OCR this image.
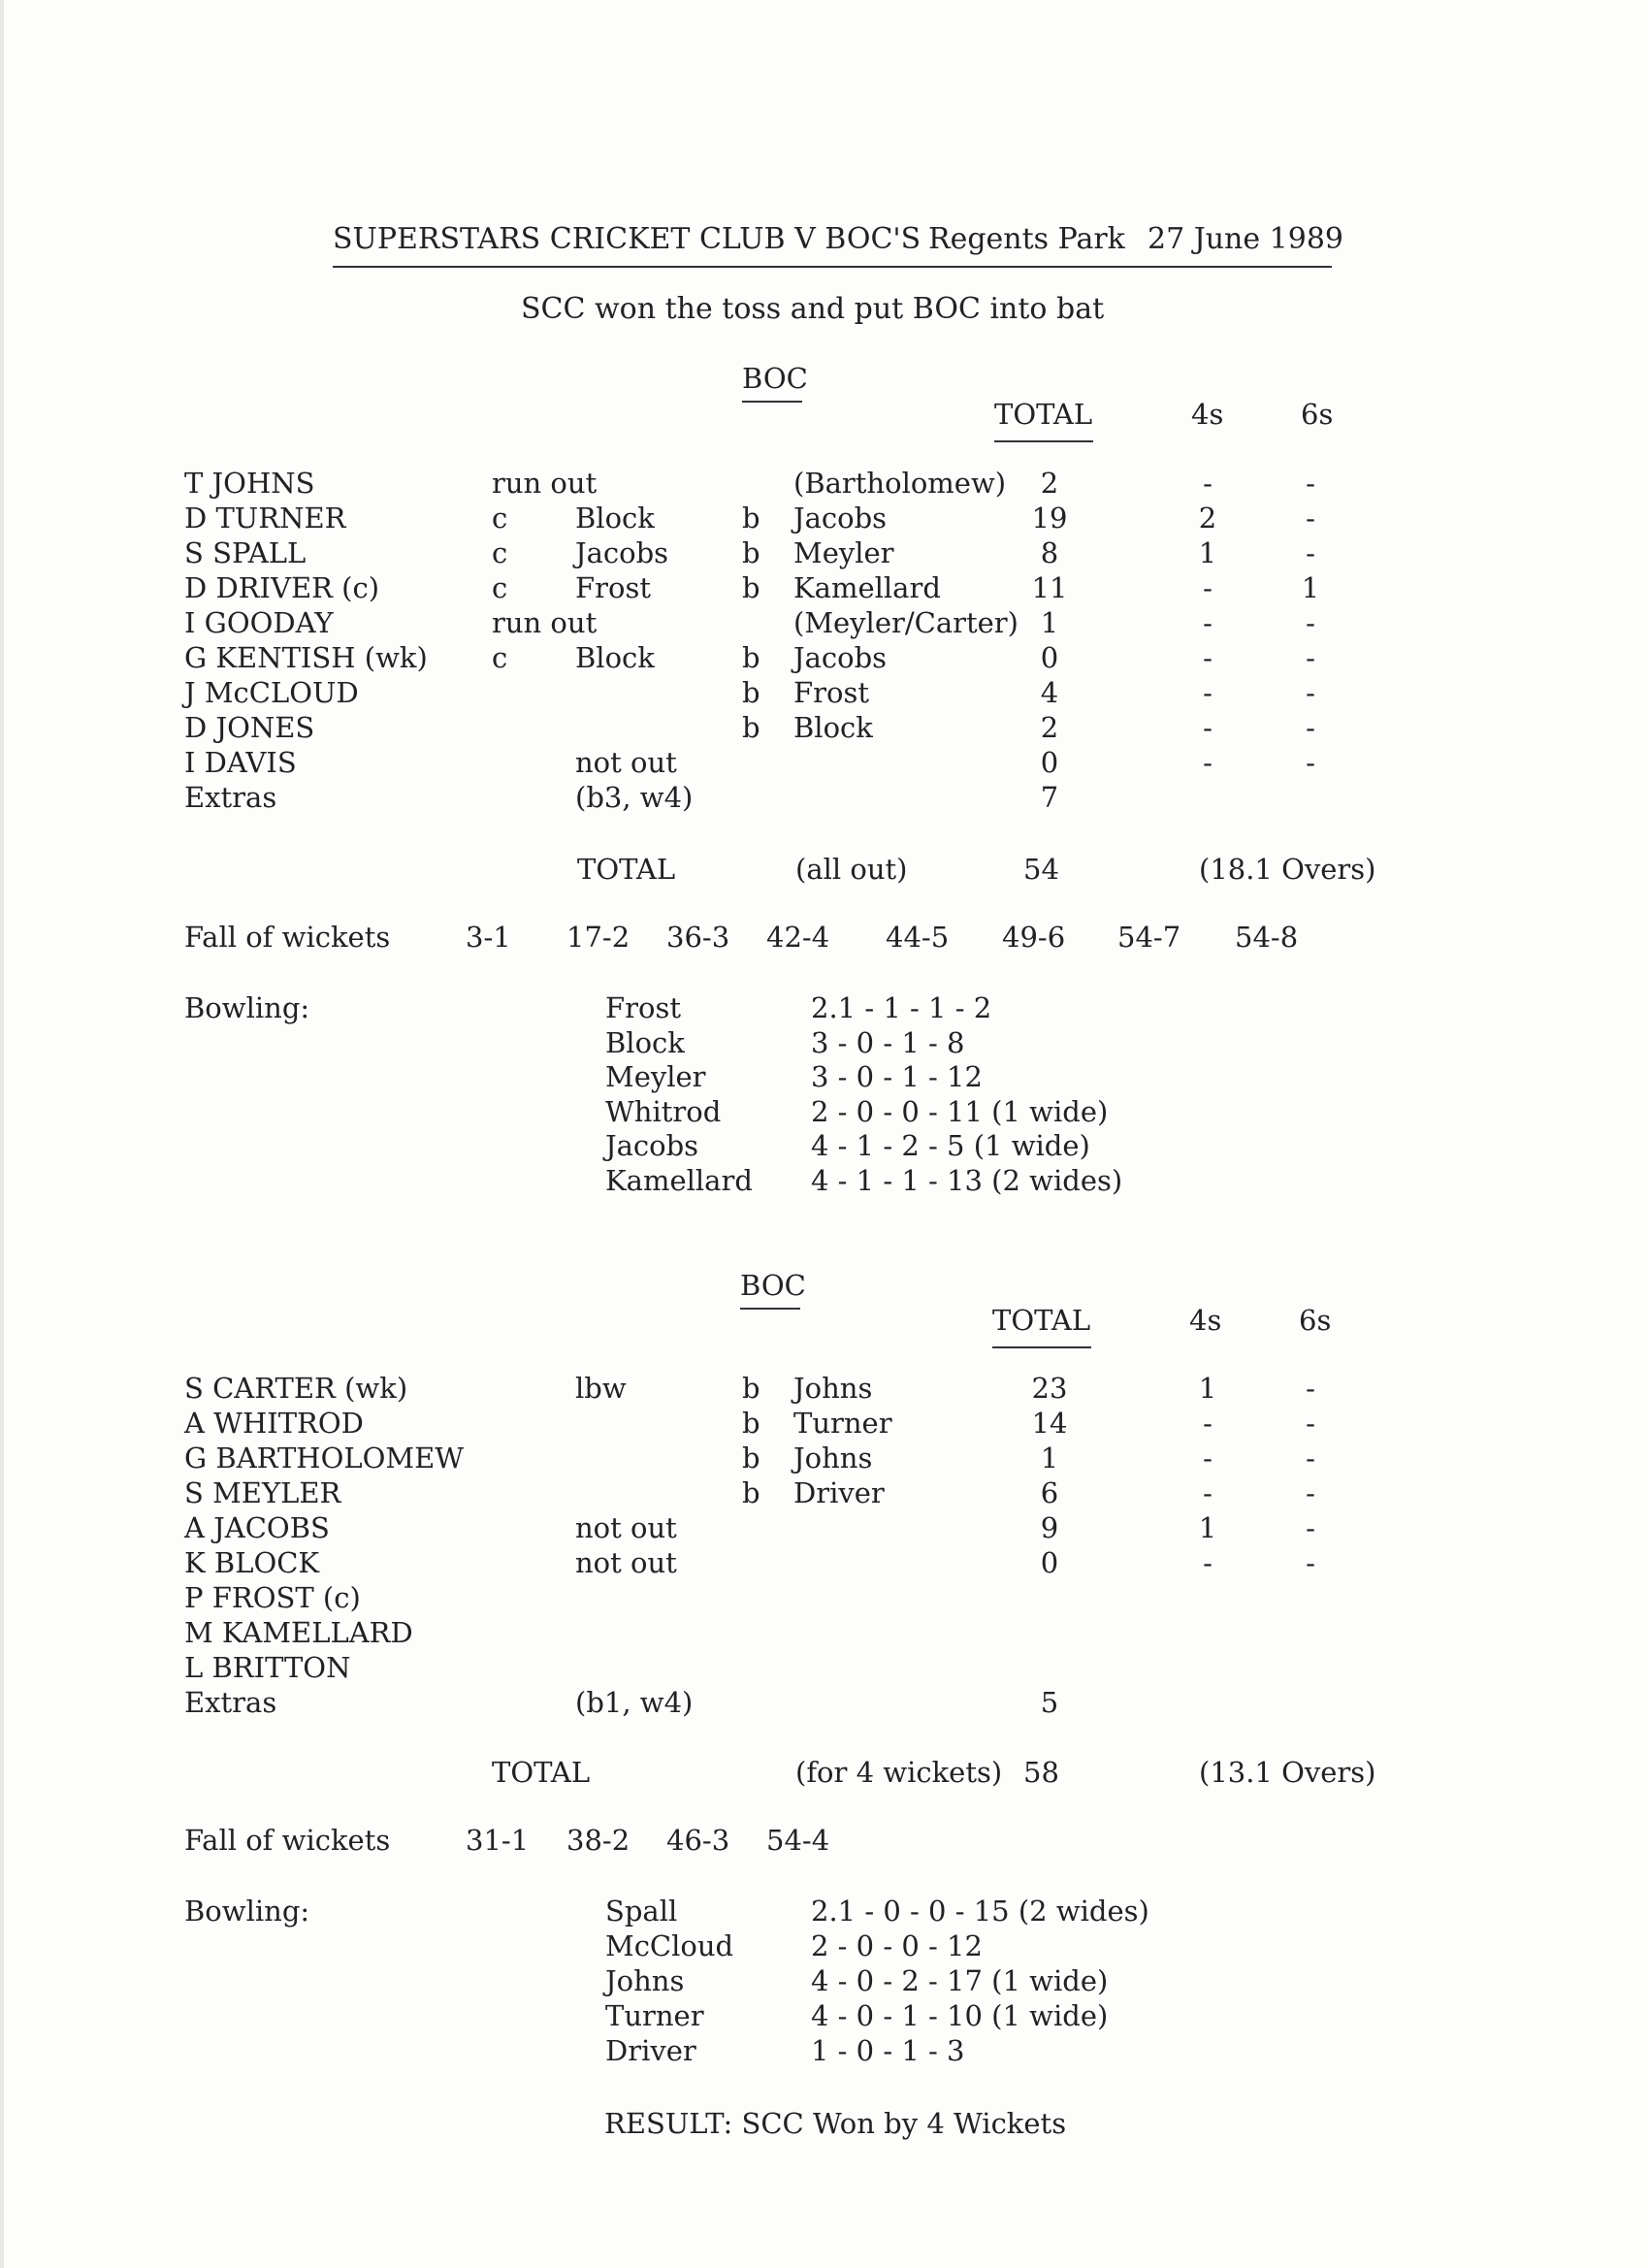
SUPERSTARS CRICKET CLUB V BOC'S Regents Park 27 June 1989
SCC won the toss and put BOC into bat
BOC
TOTAL	4s	6s
T JOHNS	run out	(Bartholomew)	2	-	-
D TURNER	c Block	b Jacobs	19	2	-
S SPALL	c Jacobs	b Meyler	8	1	-
D DRIVER (c)	c Frost	b Kamellard	11	-	1
I GOODAY	run out	(Meyler/Carter) 1	-	-
G KENTISH (wk) c Block	b Jacobs	0	-	-
J McCLOUD	b Frost	4	-	-
D JONES	b Block	2	-	-
I DAVIS	not out	0	-	-
Extras	(b3, w4)	7
TOTAL	(all out)	54	(18.1 Overs)
Fall of wickets	3-1 17-2 36-3 42-4 44-5 49-6 54-7 54-8
Bowling:	Frost	2.1 - 1 - 1 - 2
Block	3 - 0 - 1 - 8
Meyler	3 - 0 - 1 - 12
Whitrod	2 - 0 - 0 - 11 (1 wide)
Jacobs	4 - 1 - 2 - 5 (1 wide)
Kamellard 4 - 1 - 1 - 13 (2 wides)
BOC
TOTAL	4s	6s
S CARTER (wk)	lbw	b Johns	23	1	-
A WHITROD	b Turner	14	-	-
G BARTHOLOMEW	b Johns	1	-	-
S MEYLER	b Driver	6	-	-
A JACOBS	not out	9	1	-
K BLOCK	not out	0	-	-
P FROST (c)
M KAMELLARD
L BRITTON
Extras	(b1, w4)	5
TOTAL	(for 4 wickets) 58	(13.1 Overs)
Fall of wickets	31-1 38-2 46-3 54-4
Bowling:	Spall	2.1 - 0 - 0 - 15 (2 wides)
McCloud	2 - 0 - 0 - 12
Johns	4 - 0 - 2 - 17 (1 wide)
Turner	4 - 0 - 1 - 10 (1 wide)
Driver	1 - 0 - 1 - 3
RESULT: SCC Won by 4 Wickets
